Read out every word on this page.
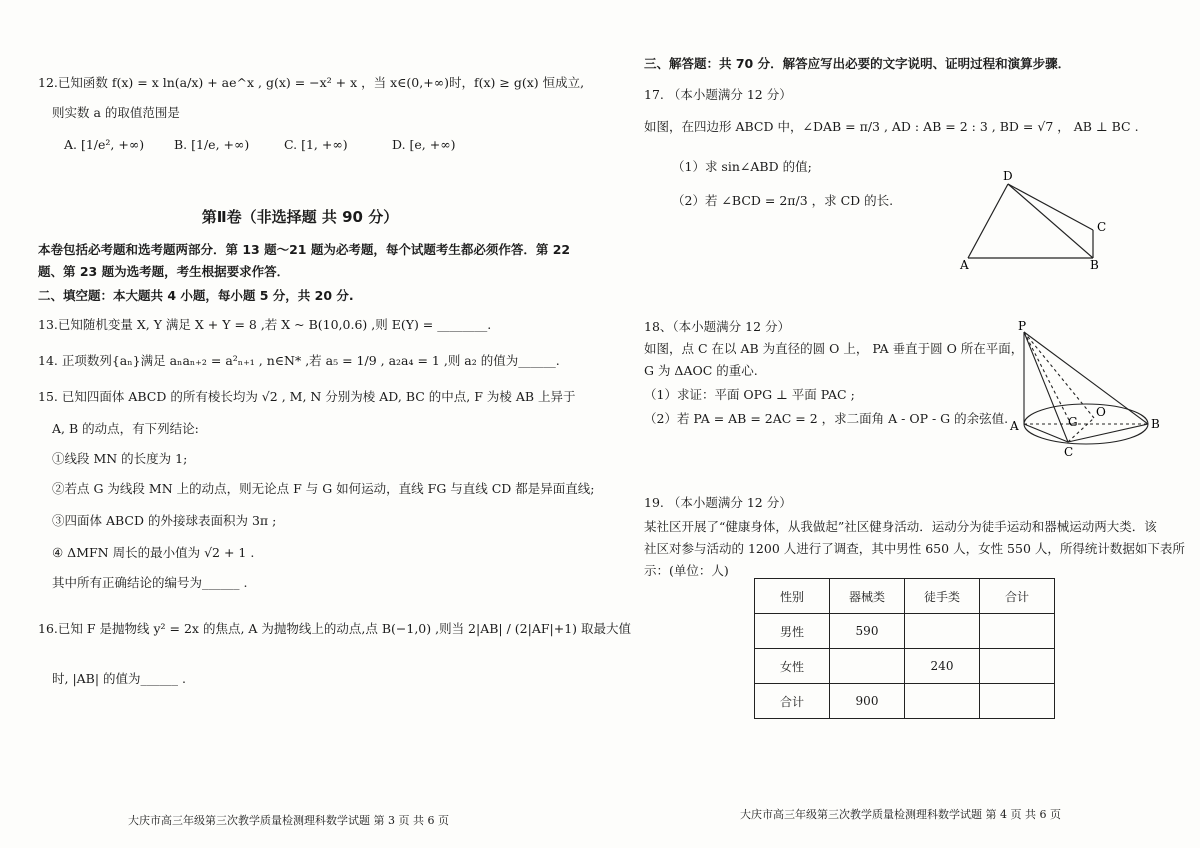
12.已知函数 f(x) = x ln(a/x) + ae^x , g(x) = −x² + x ，当 x∈(0,+∞)时，f(x) ≥ g(x) 恒成立,
则实数 a 的取值范围是
A. [1/e², +∞) B. [1/e, +∞)	C. [1, +∞)	D. [e, +∞)
第Ⅱ卷（非选择题 共 90 分）
本卷包括必考题和选考题两部分．第 13 题～21 题为必考题，每个试题考生都必须作答．第 22
题、第 23 题为选考题，考生根据要求作答．
二、填空题：本大题共 4 小题，每小题 5 分，共 20 分.
13.已知随机变量 X, Y 满足 X + Y = 8 ,若 X ~ B(10,0.6) ,则 E(Y) = ________.
14. 正项数列{aₙ}满足 aₙaₙ₊₂ = a²ₙ₊₁ , n∈N* ,若 a₅ = 1/9 , a₂a₄ = 1 ,则 a₂ 的值为______.
15. 已知四面体 ABCD 的所有棱长均为 √2 , M, N 分别为棱 AD, BC 的中点, F 为棱 AB 上异于
A, B 的动点，有下列结论:
①线段 MN 的长度为 1;
②若点 G 为线段 MN 上的动点，则无论点 F 与 G 如何运动，直线 FG 与直线 CD 都是异面直线;
③四面体 ABCD 的外接球表面积为 3π ;
④ ΔMFN 周长的最小值为 √2 + 1 .
其中所有正确结论的编号为______ .
16.已知 F 是抛物线 y² = 2x 的焦点, A 为抛物线上的动点,点 B(−1,0) ,则当 2|AB| / (2|AF|+1) 取最大值
时, |AB| 的值为______ .
大庆市高三年级第三次教学质量检测理科数学试题 第 3 页 共 6 页
三、解答题：共 70 分．解答应写出必要的文字说明、证明过程和演算步骤．
17. （本小题满分 12 分）
如图，在四边形 ABCD 中，∠DAB = π/3 , AD : AB = 2 : 3 , BD = √7 ， AB ⊥ BC .
（1）求 sin∠ABD 的值;
（2）若 ∠BCD = 2π/3 ，求 CD 的长.
D
C
A	B
18、（本小题满分 12 分）
如图，点 C 在以 AB 为直径的圆 O 上， PA 垂直于圆 O 所在平面，
G 为 ΔAOC 的重心.
（1）求证：平面 OPG ⊥ 平面 PAC ;
（2）若 PA = AB = 2AC = 2 ，求二面角 A - OP - G 的余弦值.
P
A	G
O
B
C
19. （本小题满分 12 分）
某社区开展了“健康身体，从我做起”社区健身活动．运动分为徒手运动和器械运动两大类．该
社区对参与活动的 1200 人进行了调查，其中男性 650 人，女性 550 人，所得统计数据如下表所
示：(单位：人)
性别	器械类	徒手类	合计
男性	590		
女性		240	
合计	900		
大庆市高三年级第三次教学质量检测理科数学试题 第 4 页 共 6 页
